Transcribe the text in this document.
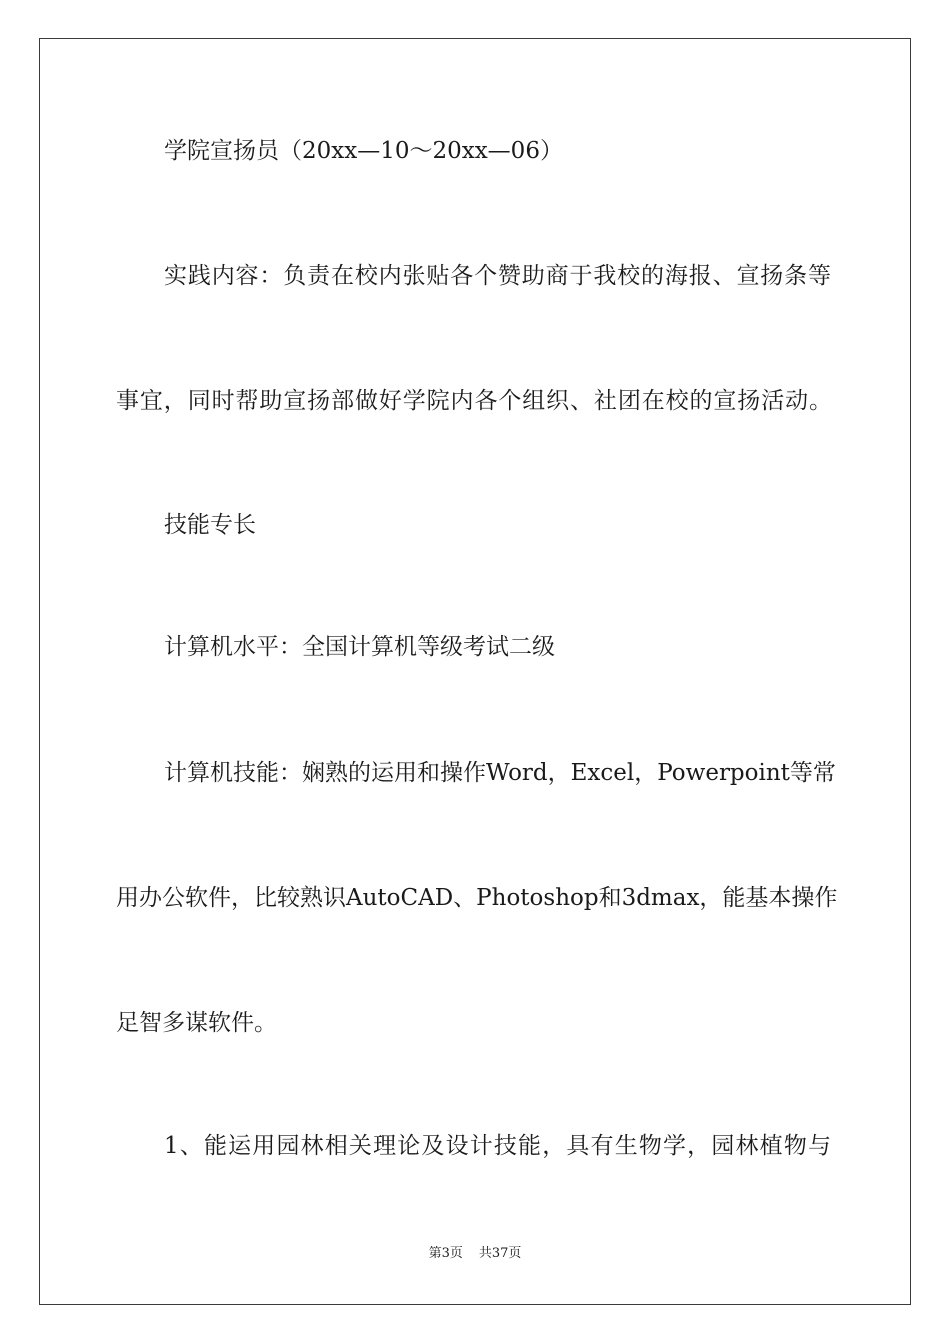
学院宣扬员（20xx—10～20xx—06）
实践内容：负责在校内张贴各个赞助商于我校的海报、宣扬条等
事宜，同时帮助宣扬部做好学院内各个组织、社团在校的宣扬活动。
技能专长
计算机水平：全国计算机等级考试二级
计算机技能：娴熟的运用和操作Word，Excel，Powerpoint等常
用办公软件，比较熟识AutoCAD、Photoshop和3dmax，能基本操作
足智多谋软件。
1、能运用园林相关理论及设计技能，具有生物学，园林植物与
第3页 共37页
